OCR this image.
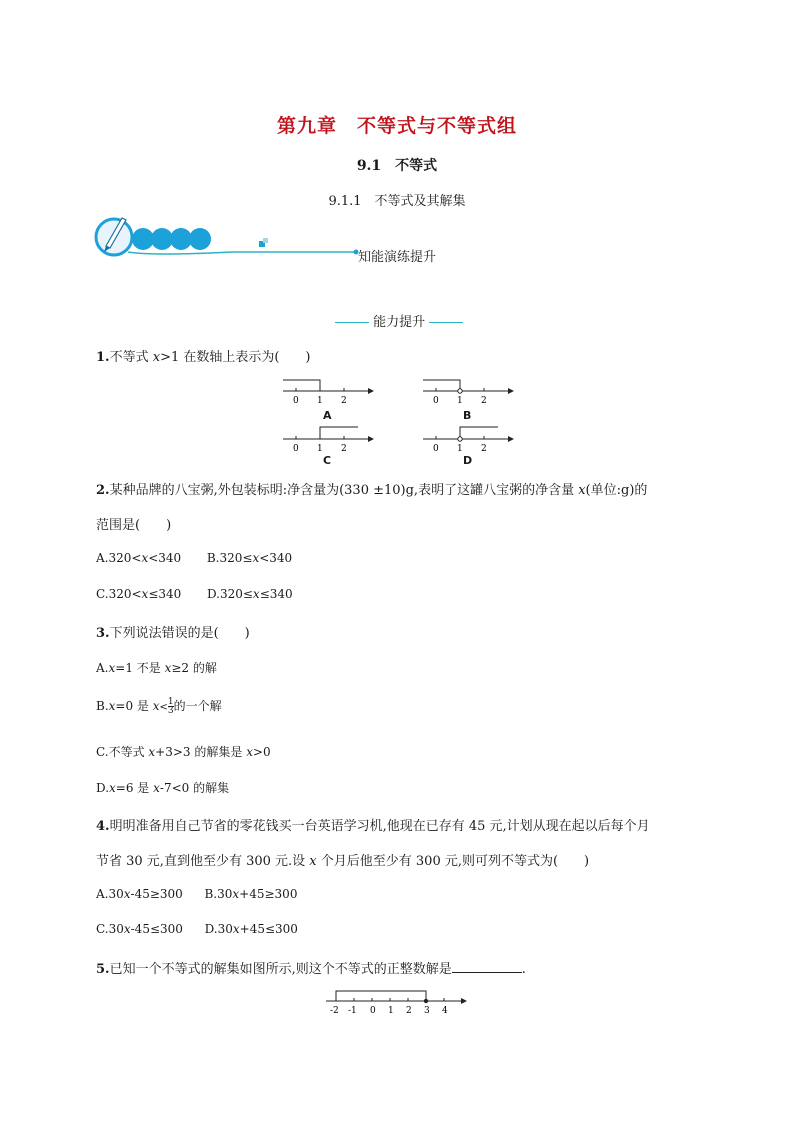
第九章　不等式与不等式组
9.1　不等式
9.1.1　不等式及其解集
知能演练提升
能力提升
1.不等式 x>1 在数轴上表示为(　　)
0 1 2	0 1 2
0 1 2	0 1 2
A	B
C	D
2.某种品牌的八宝粥,外包装标明:净含量为(330 ±10)g,表明了这罐八宝粥的净含量 x(单位:g)的
范围是(　　)
A.320<x<340 B.320≤x<340
C.320<x≤340 D.320≤x≤340
3.下列说法错误的是(　　)
A.x=1 不是 x≥2 的解
B.x=0 是 $x< \frac{1}{3}$ 的一个解
C.不等式 x+3>3 的解集是 x>0
D.x=6 是 x-7<0 的解集
4.明明准备用自己节省的零花钱买一台英语学习机,他现在已存有 45 元,计划从现在起以后每个月
节省 30 元,直到他至少有 300 元.设 x 个月后他至少有 300 元,则可列不等式为(　　)
A.30x-45≥300 B.30x+45≥300
C.30x-45≤300 D.30x+45≤300
5.已知一个不等式的解集如图所示,则这个不等式的正整数解是	.
-2 -1 0 1 2 3 4
